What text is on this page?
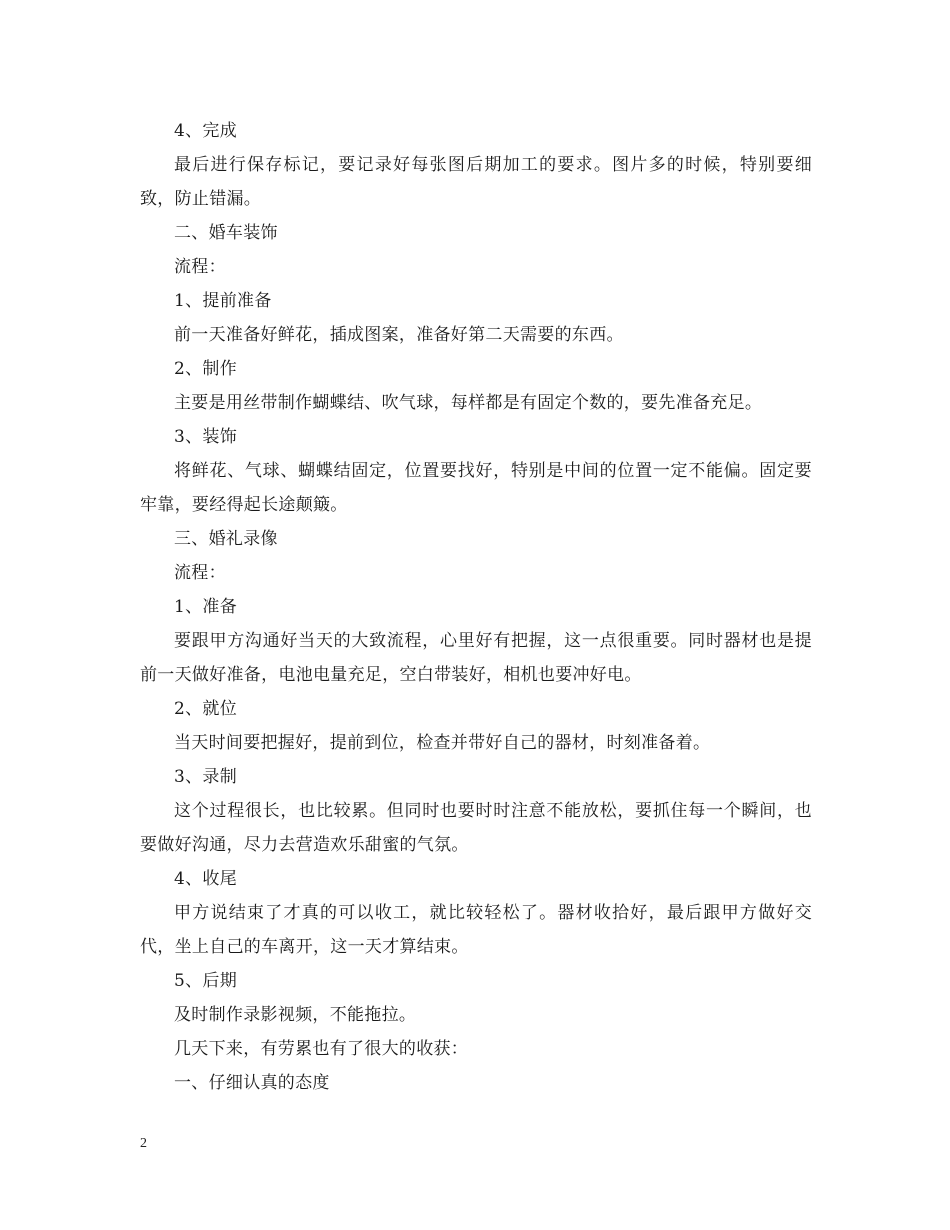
4、完成

最后进行保存标记，要记录好每张图后期加工的要求。图片多的时候，特别要细致，防止错漏。

二、婚车装饰

流程：

1、提前准备

前一天准备好鲜花，插成图案，准备好第二天需要的东西。

2、制作

主要是用丝带制作蝴蝶结、吹气球，每样都是有固定个数的，要先准备充足。

3、装饰

将鲜花、气球、蝴蝶结固定，位置要找好，特别是中间的位置一定不能偏。固定要牢靠，要经得起长途颠簸。

三、婚礼录像

流程：

1、准备

要跟甲方沟通好当天的大致流程，心里好有把握，这一点很重要。同时器材也是提前一天做好准备，电池电量充足，空白带装好，相机也要冲好电。

2、就位

当天时间要把握好，提前到位，检查并带好自己的器材，时刻准备着。

3、录制

这个过程很长，也比较累。但同时也要时时注意不能放松，要抓住每一个瞬间，也要做好沟通，尽力去营造欢乐甜蜜的气氛。

4、收尾

甲方说结束了才真的可以收工，就比较轻松了。器材收拾好，最后跟甲方做好交代，坐上自己的车离开，这一天才算结束。

5、后期

及时制作录影视频，不能拖拉。

几天下来，有劳累也有了很大的收获：

一、仔细认真的态度

2
